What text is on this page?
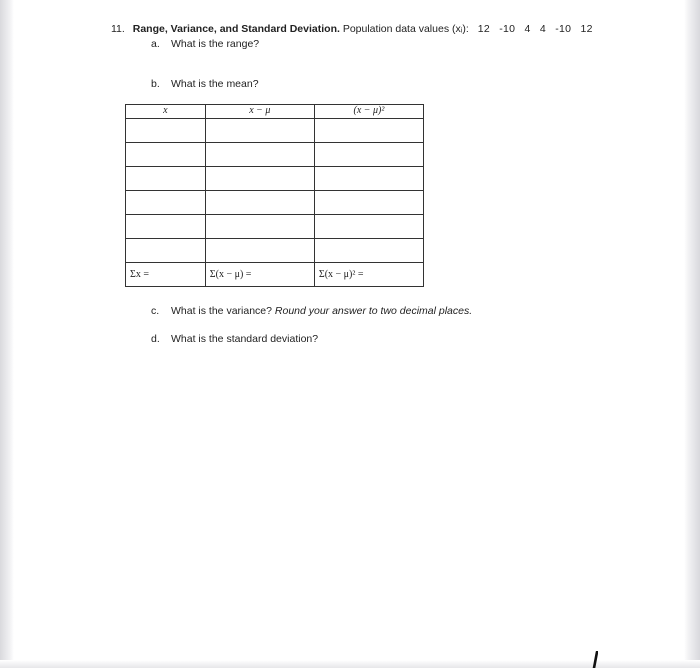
11. Range, Variance, and Standard Deviation. Population data values (xᵢ): 12 -10 4 4 -10 12
a. What is the range?
b. What is the mean?
x	x − μ	(x − μ)²

Σx =	Σ(x − μ) =	Σ(x − μ)² =
c. What is the variance? Round your answer to two decimal places.
d. What is the standard deviation?
